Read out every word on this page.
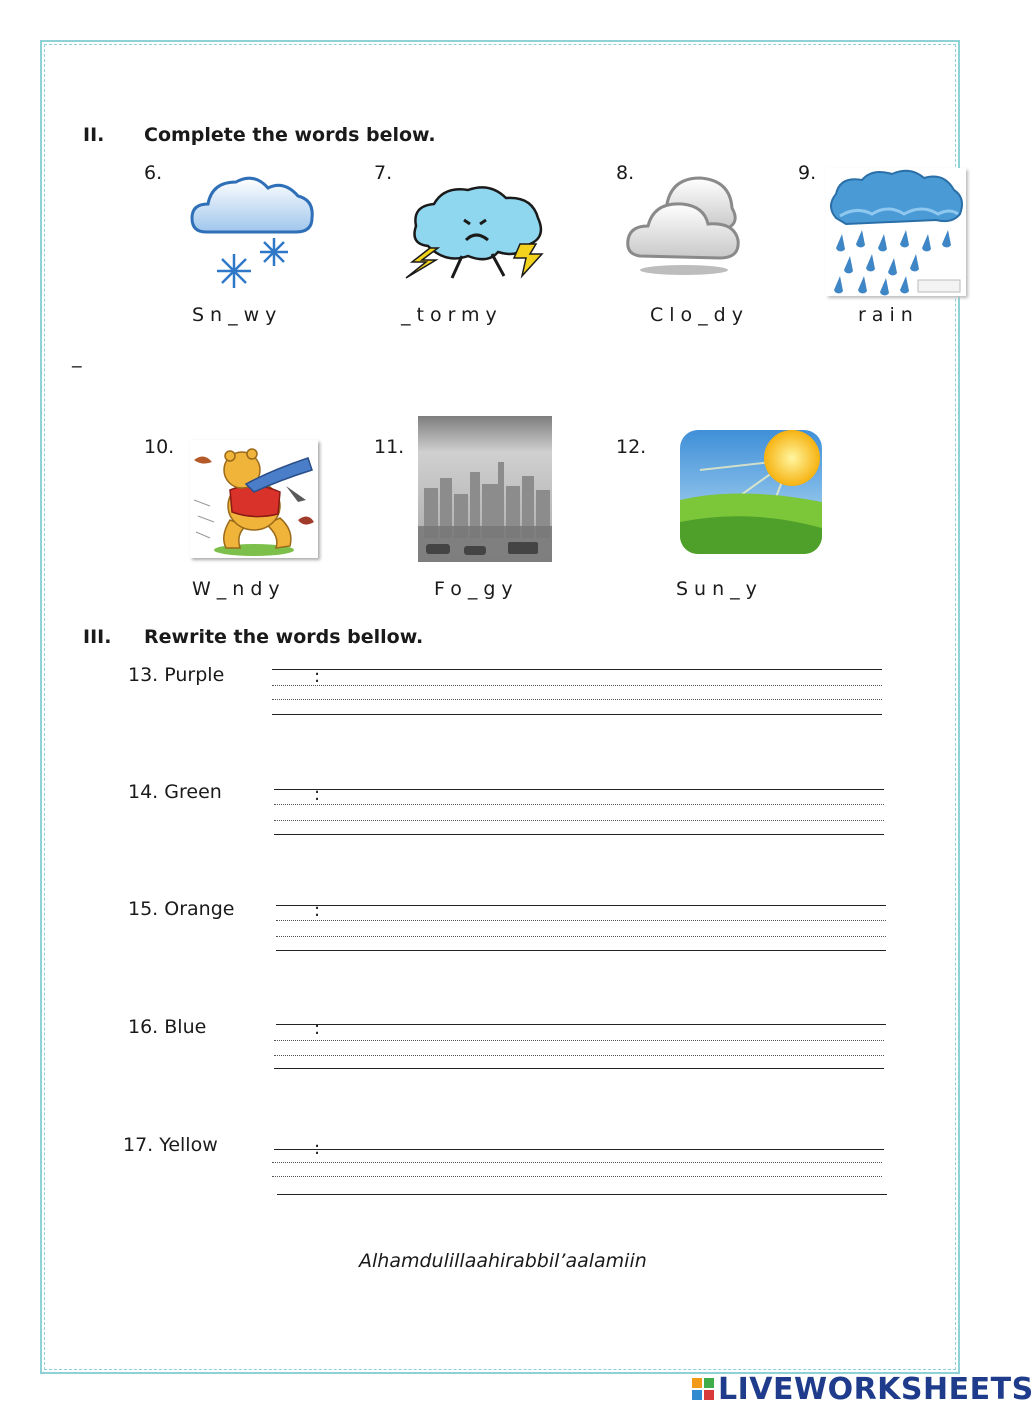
II. Complete the words below.
6.
Sn_wy
7.
_tormy
8.
Clo_dy
9.
rain
_
10.
W_ndy
11.
Fo_gy
12.
Sun_y
III. Rewrite the words bellow.
13. Purple	:
14. Green	:
15. Orange	:
16. Blue	:
17. Yellow	:
Alhamdulillaahirabbil’aalamiin
LIVEWORKSHEETS
